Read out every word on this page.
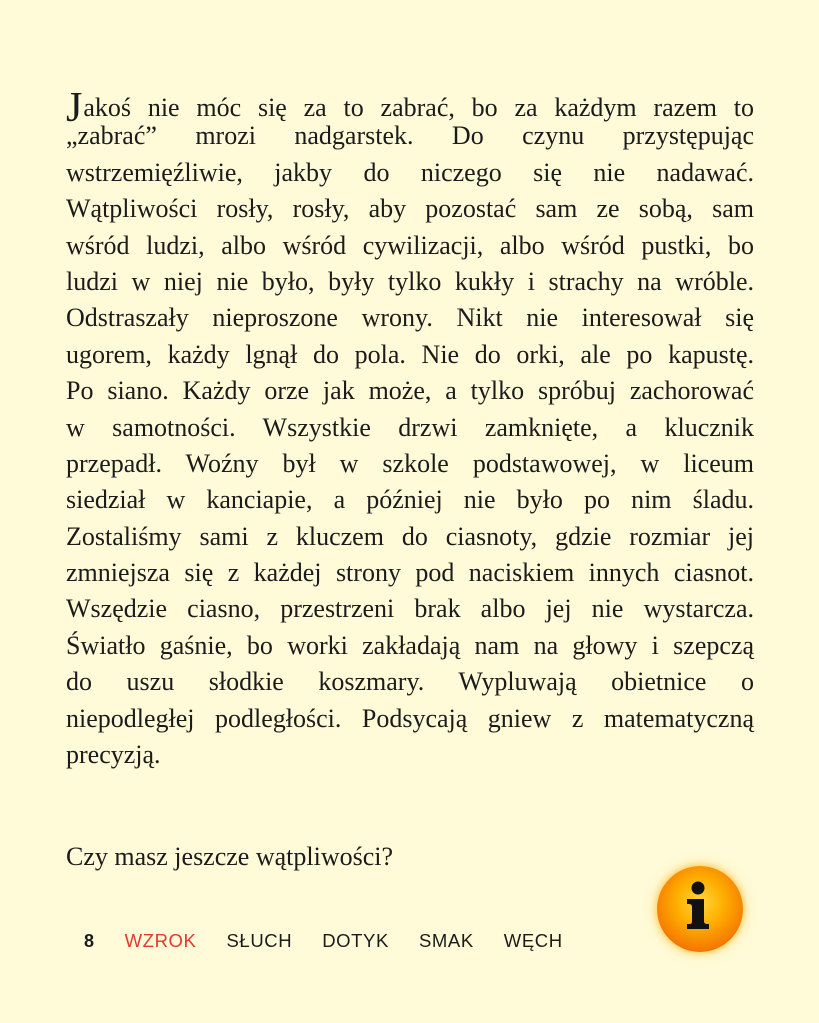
Jakoś nie móc się za to zabrać, bo za każdym razem to
„zabrać” mrozi nadgarstek. Do czynu przystępując
wstrzemięźliwie, jakby do niczego się nie nadawać.
Wątpliwości rosły, rosły, aby pozostać sam ze sobą, sam
wśród ludzi, albo wśród cywilizacji, albo wśród pustki, bo
ludzi w niej nie było, były tylko kukły i strachy na wróble.
Odstraszały nieproszone wrony. Nikt nie interesował się
ugorem, każdy lgnął do pola. Nie do orki, ale po kapustę.
Po siano. Każdy orze jak może, a tylko spróbuj zachorować
w samotności. Wszystkie drzwi zamknięte, a klucznik
przepadł. Woźny był w szkole podstawowej, w liceum
siedział w kanciapie, a później nie było po nim śladu.
Zostaliśmy sami z kluczem do ciasnoty, gdzie rozmiar jej
zmniejsza się z każdej strony pod naciskiem innych ciasnot.
Wszędzie ciasno, przestrzeni brak albo jej nie wystarcza.
Światło gaśnie, bo worki zakładają nam na głowy i szepczą
do uszu słodkie koszmary. Wypluwają obietnice o
niepodległej podległości. Podsycają gniew z matematyczną
precyzją.

Czy masz jeszcze wątpliwości?

8 WZROK SŁUCH DOTYK SMAK WĘCH
